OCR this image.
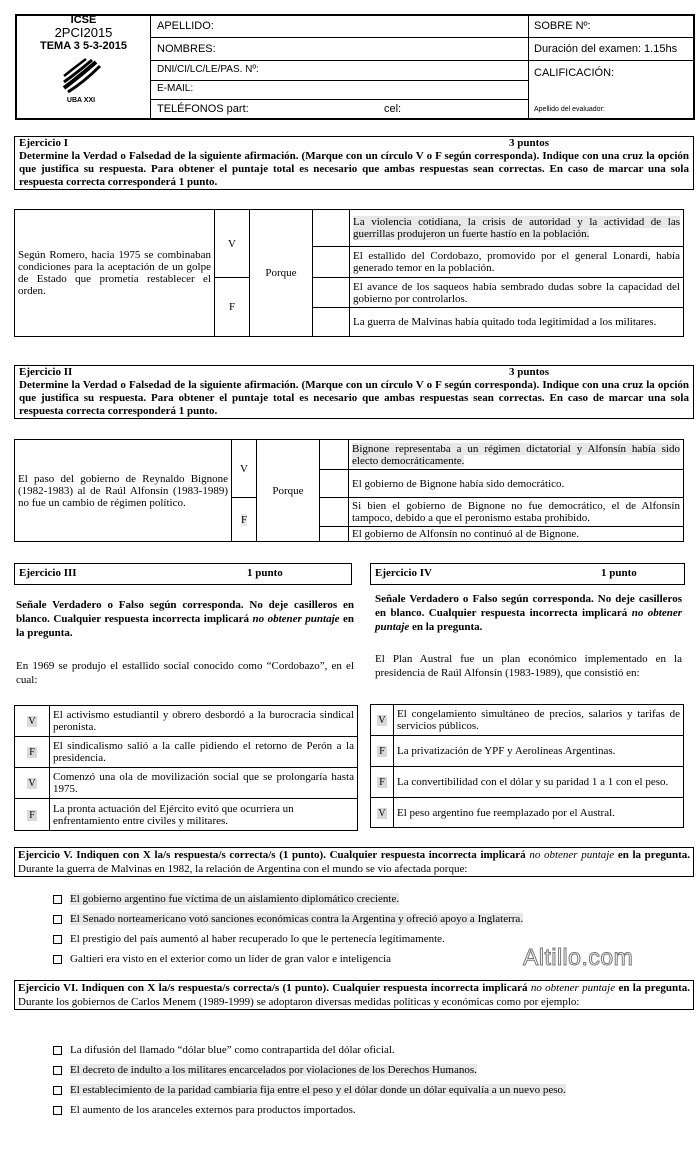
ICSE
2PCI2015
TEMA 3 5-3-2015
UBA XXI
APELLIDO:
NOMBRES:
DNI/CI/LC/LE/PAS. Nº:
E-MAIL:
TELÉFONOS part:	cel:
SOBRE Nº:
Duración del examen: 1.15hs
CALIFICACIÓN:
Apellido del evaluador:
Ejercicio I	3 puntos
Determine la Verdad o Falsedad de la siguiente afirmación. (Marque con un círculo V o F según corresponda). Indique con una cruz la opción que justifica su respuesta. Para obtener el puntaje total es necesario que ambas respuestas sean correctas. En caso de marcar una sola respuesta correcta corresponderá 1 punto.
Según Romero, hacia 1975 se combinaban condiciones para la aceptación de un golpe de Estado que prometía restablecer el orden.	V	Porque		La violencia cotidiana, la crisis de autoridad y la actividad de las guerrillas produjeron un fuerte hastío en la población.
				El estallido del Cordobazo, promovido por el general Lonardi, había generado temor en la población.
	F			El avance de los saqueos había sembrado dudas sobre la capacidad del gobierno por controlarlos.
				La guerra de Malvinas había quitado toda legitimidad a los militares.
Ejercicio II	3 puntos
Determine la Verdad o Falsedad de la siguiente afirmación. (Marque con un círculo V o F según corresponda). Indique con una cruz la opción que justifica su respuesta. Para obtener el puntaje total es necesario que ambas respuestas sean correctas. En caso de marcar una sola respuesta correcta corresponderá 1 punto.
El paso del gobierno de Reynaldo Bignone (1982-1983) al de Raúl Alfonsín (1983-1989) no fue un cambio de régimen político.	V	Porque		Bignone representaba a un régimen dictatorial y Alfonsín había sido electo democráticamente.
				El gobierno de Bignone había sido democrático.
	F			Si bien el gobierno de Bignone no fue democrático, el de Alfonsín tampoco, debido a que el peronismo estaba prohibido.
				El gobierno de Alfonsín no continuó al de Bignone.
Ejercicio III	1 punto
Señale Verdadero o Falso según corresponda. No deje casilleros en blanco. Cualquier respuesta incorrecta implicará no obtener puntaje en la pregunta.
En 1969 se produjo el estallido social conocido como “Cordobazo”, en el cual:
V	El activismo estudiantil y obrero desbordó a la burocracia sindical peronista.
F	El sindicalismo salió a la calle pidiendo el retorno de Perón a la presidencia.
V	Comenzó una ola de movilización social que se prolongaría hasta 1975.
F	La pronta actuación del Ejército evitó que ocurriera un enfrentamiento entre civiles y militares.
Ejercicio IV	1 punto
Señale Verdadero o Falso según corresponda. No deje casilleros en blanco. Cualquier respuesta incorrecta implicará no obtener puntaje en la pregunta.
El Plan Austral fue un plan económico implementado en la presidencia de Raúl Alfonsín (1983-1989), que consistió en:
V	El congelamiento simultáneo de precios, salarios y tarifas de servicios públicos.
F	La privatización de YPF y Aerolíneas Argentinas.
F	La convertibilidad con el dólar y su paridad 1 a 1 con el peso.
V	El peso argentino fue reemplazado por el Austral.
Ejercicio V. Indiquen con X la/s respuesta/s correcta/s (1 punto). Cualquier respuesta incorrecta implicará no obtener puntaje en la pregunta. Durante la guerra de Malvinas en 1982, la relación de Argentina con el mundo se vio afectada porque:
El gobierno argentino fue víctima de un aislamiento diplomático creciente.
El Senado norteamericano votó sanciones económicas contra la Argentina y ofreció apoyo a Inglaterra.
El prestigio del país aumentó al haber recuperado lo que le pertenecía legítimamente.
Galtieri era visto en el exterior como un líder de gran valor e inteligencia	Altillo.com
Ejercicio VI. Indiquen con X la/s respuesta/s correcta/s (1 punto). Cualquier respuesta incorrecta implicará no obtener puntaje en la pregunta. Durante los gobiernos de Carlos Menem (1989-1999) se adoptaron diversas medidas políticas y económicas como por ejemplo:
La difusión del llamado “dólar blue” como contrapartida del dólar oficial.
El decreto de indulto a los militares encarcelados por violaciones de los Derechos Humanos.
El establecimiento de la paridad cambiaria fija entre el peso y el dólar donde un dólar equivalía a un nuevo peso.
El aumento de los aranceles externos para productos importados.
